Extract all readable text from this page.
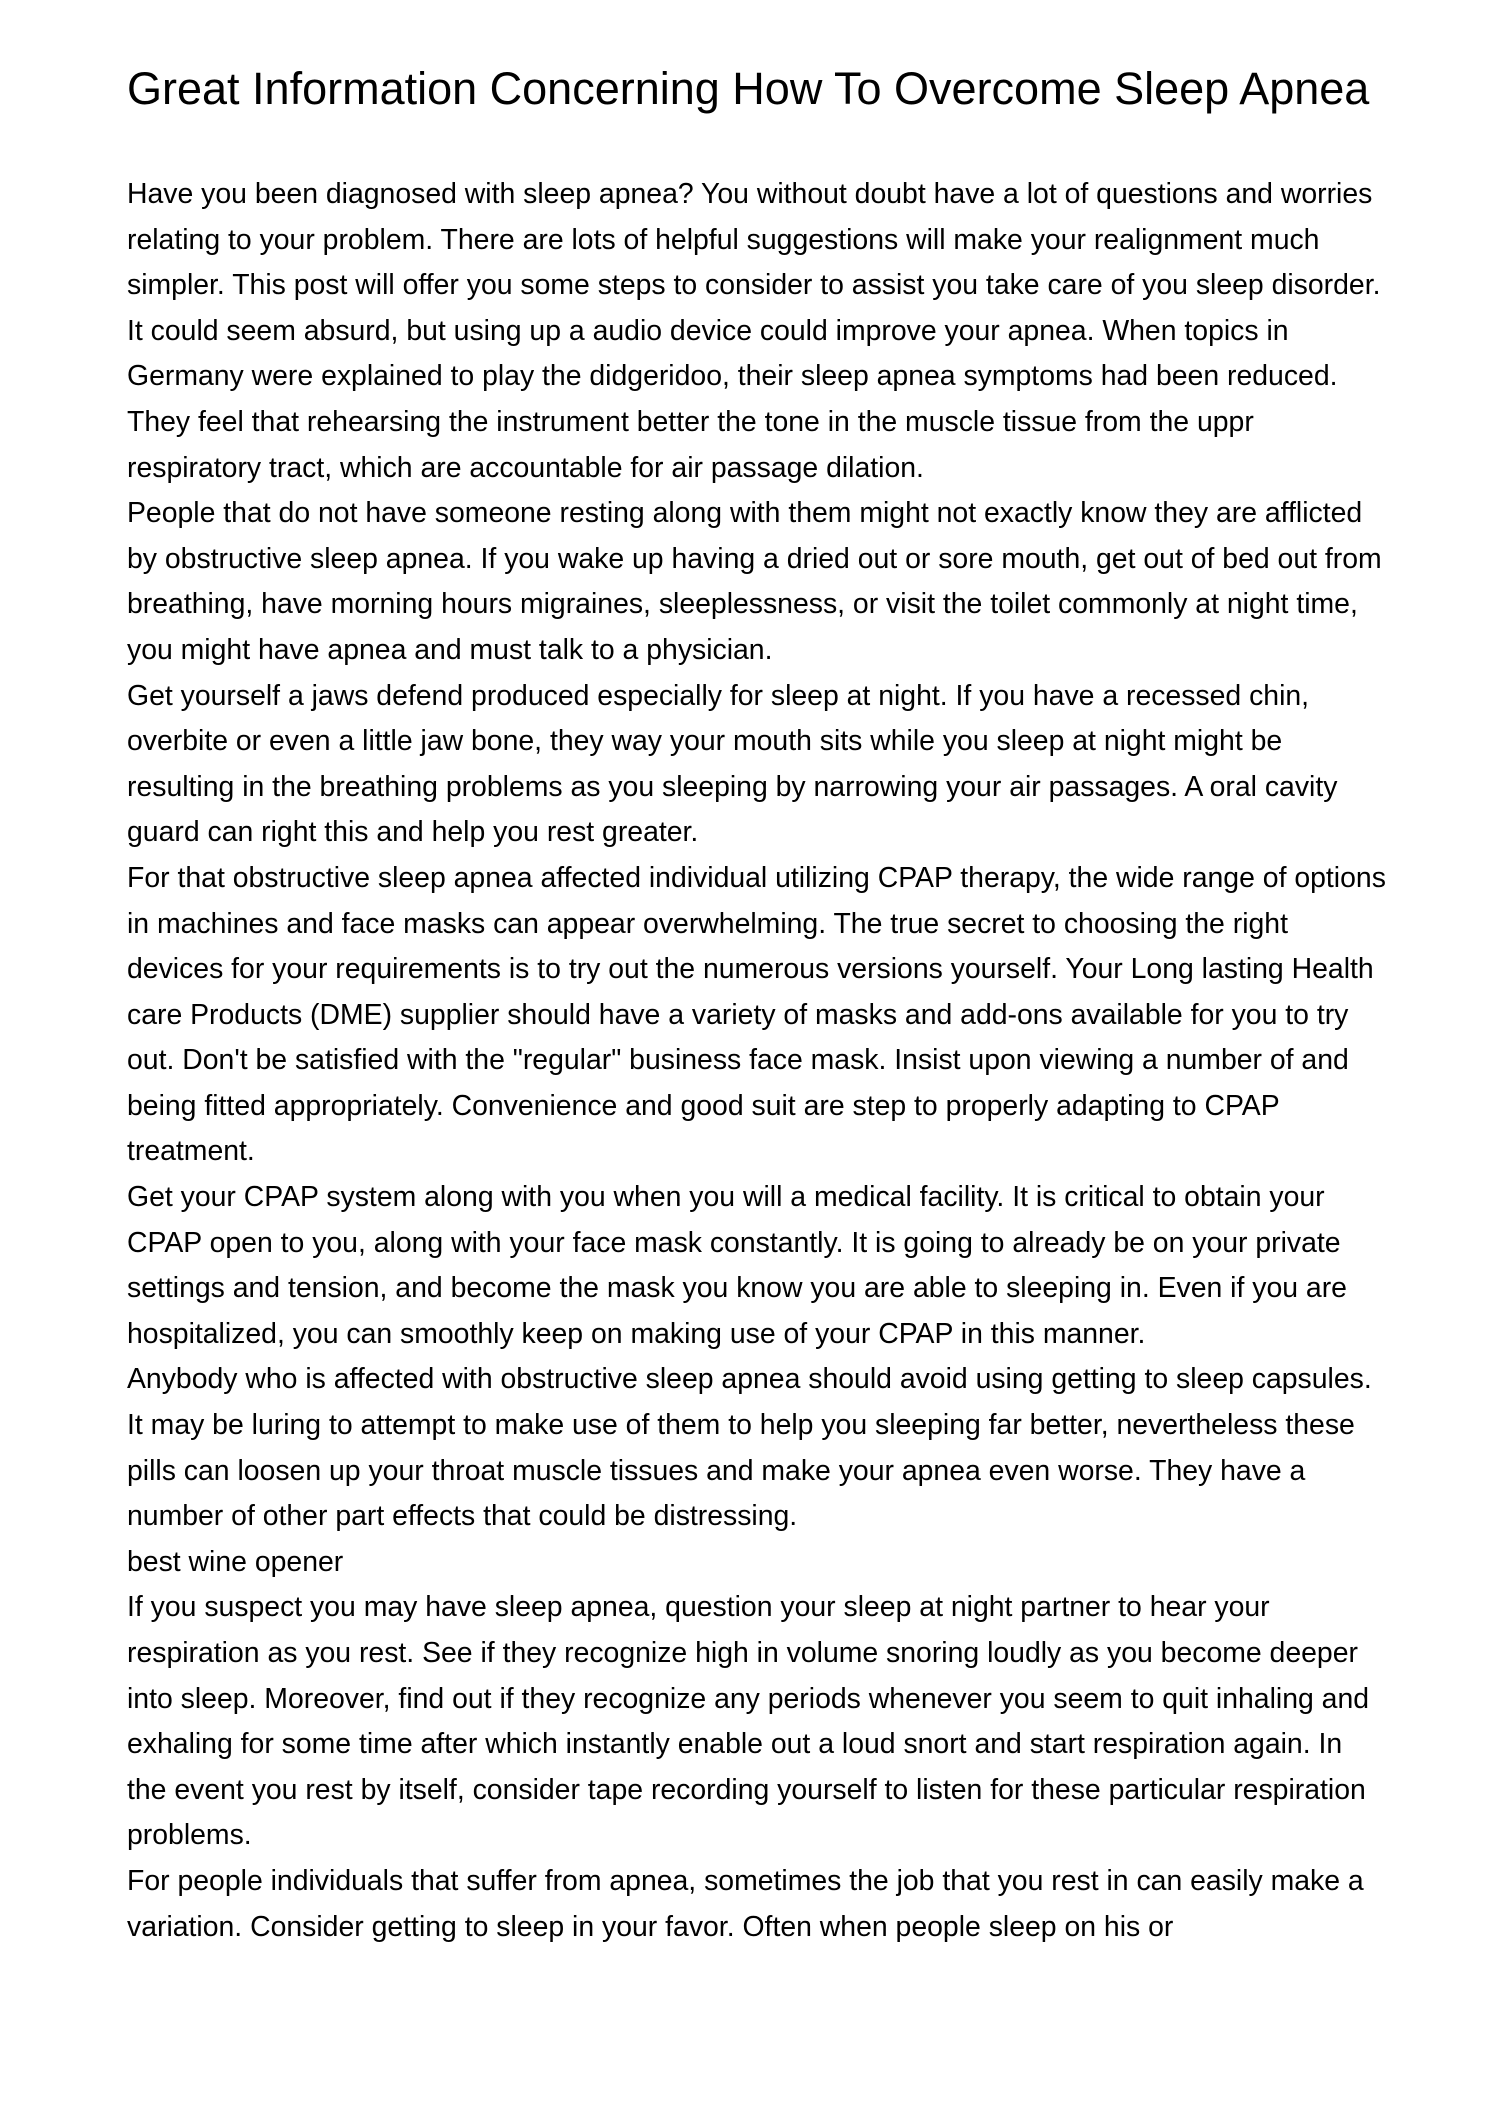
Great Information Concerning How To Overcome Sleep Apnea

Have you been diagnosed with sleep apnea? You without doubt have a lot of questions and worries relating to your problem. There are lots of helpful suggestions will make your realignment much simpler. This post will offer you some steps to consider to assist you take care of you sleep disorder.

It could seem absurd, but using up a audio device could improve your apnea. When topics in Germany were explained to play the didgeridoo, their sleep apnea symptoms had been reduced. They feel that rehearsing the instrument better the tone in the muscle tissue from the uppr respiratory tract, which are accountable for air passage dilation.

People that do not have someone resting along with them might not exactly know they are afflicted by obstructive sleep apnea. If you wake up having a dried out or sore mouth, get out of bed out from breathing, have morning hours migraines, sleeplessness, or visit the toilet commonly at night time, you might have apnea and must talk to a physician.

Get yourself a jaws defend produced especially for sleep at night. If you have a recessed chin, overbite or even a little jaw bone, they way your mouth sits while you sleep at night might be resulting in the breathing problems as you sleeping by narrowing your air passages. A oral cavity guard can right this and help you rest greater.

For that obstructive sleep apnea affected individual utilizing CPAP therapy, the wide range of options in machines and face masks can appear overwhelming. The true secret to choosing the right devices for your requirements is to try out the numerous versions yourself. Your Long lasting Health care Products (DME) supplier should have a variety of masks and add-ons available for you to try out. Don't be satisfied with the "regular" business face mask. Insist upon viewing a number of and being fitted appropriately. Convenience and good suit are step to properly adapting to CPAP treatment.

Get your CPAP system along with you when you will a medical facility. It is critical to obtain your CPAP open to you, along with your face mask constantly. It is going to already be on your private settings and tension, and become the mask you know you are able to sleeping in. Even if you are hospitalized, you can smoothly keep on making use of your CPAP in this manner.

Anybody who is affected with obstructive sleep apnea should avoid using getting to sleep capsules. It may be luring to attempt to make use of them to help you sleeping far better, nevertheless these pills can loosen up your throat muscle tissues and make your apnea even worse. They have a number of other part effects that could be distressing.

best wine opener

If you suspect you may have sleep apnea, question your sleep at night partner to hear your respiration as you rest. See if they recognize high in volume snoring loudly as you become deeper into sleep. Moreover, find out if they recognize any periods whenever you seem to quit inhaling and exhaling for some time after which instantly enable out a loud snort and start respiration again. In the event you rest by itself, consider tape recording yourself to listen for these particular respiration problems.

For people individuals that suffer from apnea, sometimes the job that you rest in can easily make a variation. Consider getting to sleep in your favor. Often when people sleep on his or
